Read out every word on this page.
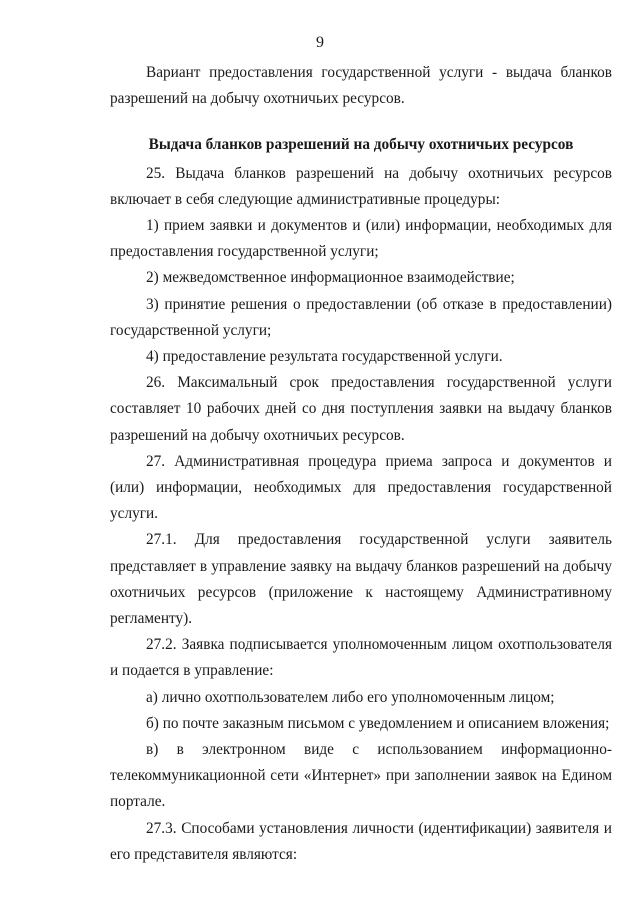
9

Вариант предоставления государственной услуги - выдача бланков разрешений на добычу охотничьих ресурсов.

Выдача бланков разрешений на добычу охотничьих ресурсов

25. Выдача бланков разрешений на добычу охотничьих ресурсов включает в себя следующие административные процедуры:

1) прием заявки и документов и (или) информации, необходимых для предоставления государственной услуги;

2) межведомственное информационное взаимодействие;

3) принятие решения о предоставлении (об отказе в предоставлении) государственной услуги;

4) предоставление результата государственной услуги.

26. Максимальный срок предоставления государственной услуги составляет 10 рабочих дней со дня поступления заявки на выдачу бланков разрешений на добычу охотничьих ресурсов.

27. Административная процедура приема запроса и документов и (или) информации, необходимых для предоставления государственной услуги.

27.1. Для предоставления государственной услуги заявитель представляет в управление заявку на выдачу бланков разрешений на добычу охотничьих ресурсов (приложение к настоящему Административному регламенту).

27.2. Заявка подписывается уполномоченным лицом охотпользователя и подается в управление:

а) лично охотпользователем либо его уполномоченным лицом;

б) по почте заказным письмом с уведомлением и описанием вложения;

в) в электронном виде с использованием информационно-телекоммуникационной сети «Интернет» при заполнении заявок на Едином портале.

27.3. Способами установления личности (идентификации) заявителя и его представителя являются:
